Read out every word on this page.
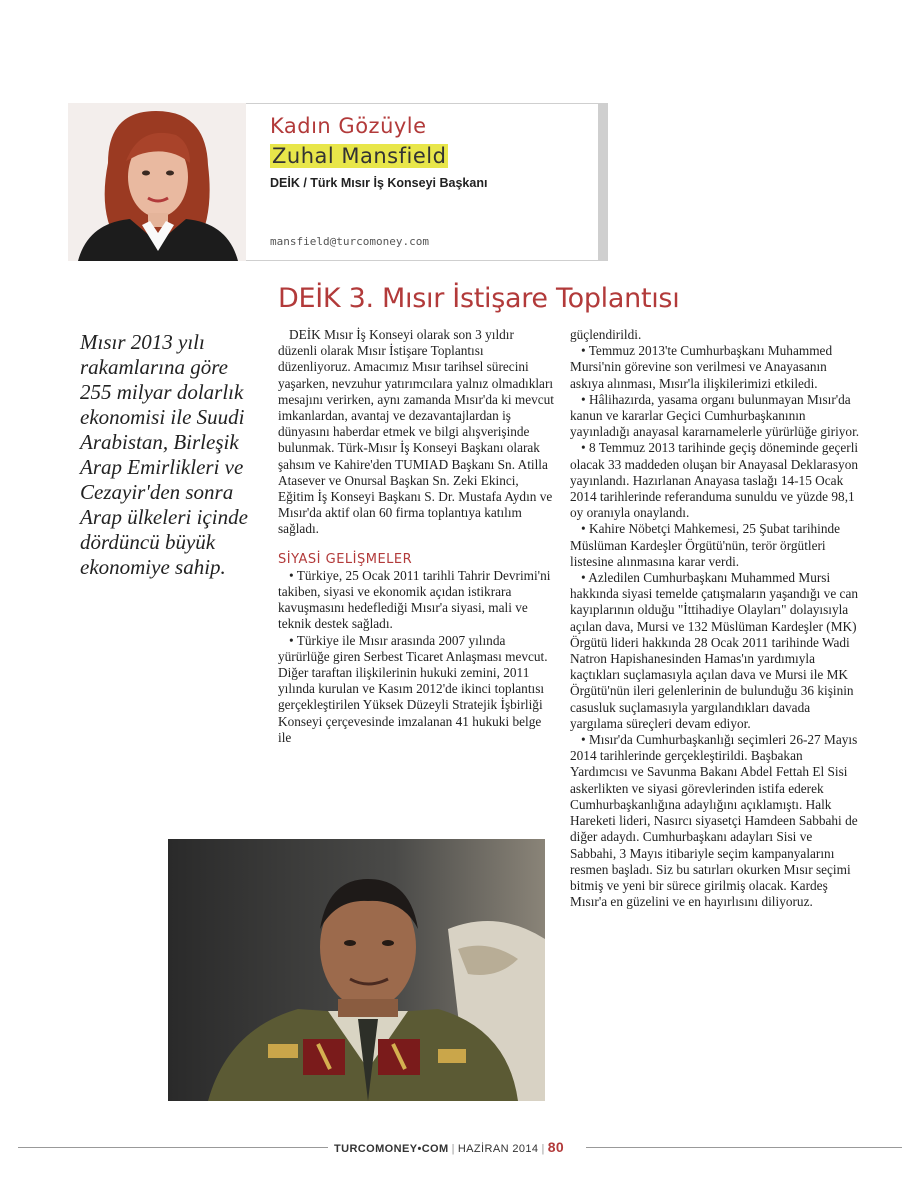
Kadın Gözüyle
Zuhal Mansfield
DEİK / Türk Mısır İş Konseyi Başkanı
mansfield@turcomoney.com
DEİK 3. Mısır İstişare Toplantısı
Mısır 2013 yılı rakamlarına göre 255 milyar dolarlık ekonomisi ile Suudi Arabistan, Birleşik Arap Emirlikleri ve Cezayir'den sonra Arap ülkeleri içinde dördüncü büyük ekonomiye sahip.

DEİK Mısır İş Konseyi olarak son 3 yıldır düzenli olarak Mısır İstişare Toplantısı düzenliyoruz. Amacımız Mısır tarihsel sürecini yaşarken, nevzuhur yatırımcılara yalnız olmadıkları mesajını verirken, aynı zamanda Mısır'da ki mevcut imkanlardan, avantaj ve dezavantajlardan iş dünyasını haberdar etmek ve bilgi alışverişinde bulunmak. Türk-Mısır İş Konseyi Başkanı olarak şahsım ve Kahire'den TUMIAD Başkanı Sn. Atilla Atasever ve Onursal Başkan Sn. Zeki Ekinci, Eğitim İş Konseyi Başkanı S. Dr. Mustafa Aydın ve Mısır'da aktif olan 60 firma toplantıya katılım sağladı.

SİYASİ GELİŞMELER

• Türkiye, 25 Ocak 2011 tarihli Tahrir Devrimi'ni takiben, siyasi ve ekonomik açıdan istikrara kavuşmasını hedeflediği Mısır'a siyasi, mali ve teknik destek sağladı.

• Türkiye ile Mısır arasında 2007 yılında yürürlüğe giren Serbest Ticaret Anlaşması mevcut. Diğer taraftan ilişkilerinin hukuki zemini, 2011 yılında kurulan ve Kasım 2012'de ikinci toplantısı gerçekleştirilen Yüksek Düzeyli Stratejik İşbirliği Konseyi çerçevesinde imzalanan 41 hukuki belge ile

güçlendirildi.

• Temmuz 2013'te Cumhurbaşkanı Muhammed Mursi'nin görevine son verilmesi ve Anayasanın askıya alınması, Mısır'la ilişkilerimizi etkiledi.

• Hâlihazırda, yasama organı bulunmayan Mısır'da kanun ve kararlar Geçici Cumhurbaşkanının yayınladığı anayasal kararnamelerle yürürlüğe giriyor.

• 8 Temmuz 2013 tarihinde geçiş döneminde geçerli olacak 33 maddeden oluşan bir Anayasal Deklarasyon yayınlandı. Hazırlanan Anayasa taslağı 14-15 Ocak 2014 tarihlerinde referanduma sunuldu ve yüzde 98,1 oy oranıyla onaylandı.

• Kahire Nöbetçi Mahkemesi, 25 Şubat tarihinde Müslüman Kardeşler Örgütü'nün, terör örgütleri listesine alınmasına karar verdi.

• Azledilen Cumhurbaşkanı Muhammed Mursi hakkında siyasi temelde çatışmaların yaşandığı ve can kayıplarının olduğu "İttihadiye Olayları" dolayısıyla açılan dava, Mursi ve 132 Müslüman Kardeşler (MK) Örgütü lideri hakkında 28 Ocak 2011 tarihinde Wadi Natron Hapishanesinden Hamas'ın yardımıyla kaçtıkları suçlamasıyla açılan dava ve Mursi ile MK Örgütü'nün ileri gelenlerinin de bulunduğu 36 kişinin casusluk suçlamasıyla yargılandıkları davada yargılama süreçleri devam ediyor.

• Mısır'da Cumhurbaşkanlığı seçimleri 26-27 Mayıs 2014 tarihlerinde gerçekleştirildi. Başbakan Yardımcısı ve Savunma Bakanı Abdel Fettah El Sisi askerlikten ve siyasi görevlerinden istifa ederek Cumhurbaşkanlığına adaylığını açıklamıştı. Halk Hareketi lideri, Nasırcı siyasetçi Hamdeen Sabbahi de diğer adaydı. Cumhurbaşkanı adayları Sisi ve Sabbahi, 3 Mayıs itibariyle seçim kampanyalarını resmen başladı. Siz bu satırları okurken Mısır seçimi bitmiş ve yeni bir sürece girilmiş olacak. Kardeş Mısır'a en güzelini ve en hayırlısını diliyoruz.

TURCOMONEY•COM | HAZİRAN 2014 | 80
